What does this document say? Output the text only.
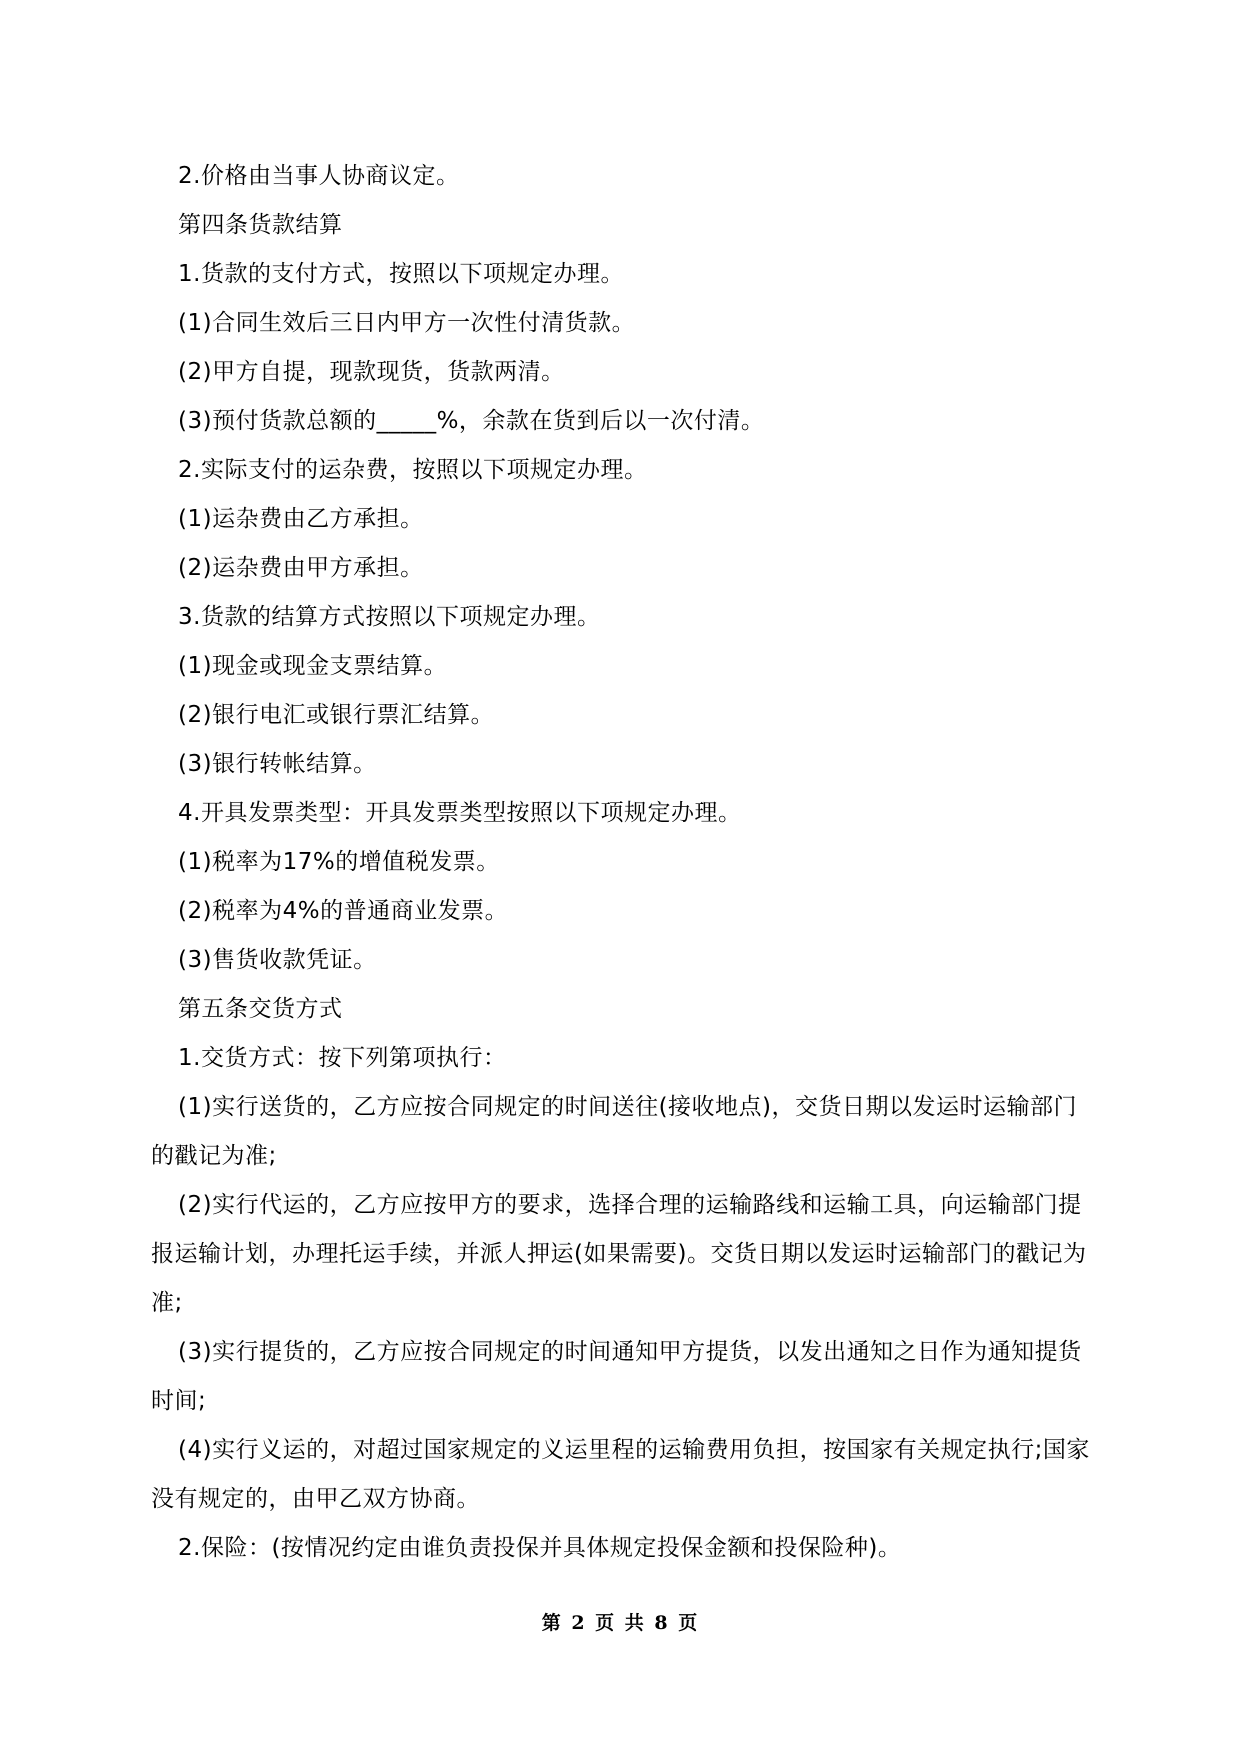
2.价格由当事人协商议定。

第四条货款结算

1.货款的支付方式，按照以下项规定办理。

(1)合同生效后三日内甲方一次性付清货款。

(2)甲方自提，现款现货，货款两清。

(3)预付货款总额的_____%，余款在货到后以一次付清。

2.实际支付的运杂费，按照以下项规定办理。

(1)运杂费由乙方承担。

(2)运杂费由甲方承担。

3.货款的结算方式按照以下项规定办理。

(1)现金或现金支票结算。

(2)银行电汇或银行票汇结算。

(3)银行转帐结算。

4.开具发票类型：开具发票类型按照以下项规定办理。

(1)税率为17%的增值税发票。

(2)税率为4%的普通商业发票。

(3)售货收款凭证。

第五条交货方式

1.交货方式：按下列第项执行：

(1)实行送货的，乙方应按合同规定的时间送往(接收地点)，交货日期以发运时运输部门的戳记为准;

(2)实行代运的，乙方应按甲方的要求，选择合理的运输路线和运输工具，向运输部门提报运输计划，办理托运手续，并派人押运(如果需要)。交货日期以发运时运输部门的戳记为准;

(3)实行提货的，乙方应按合同规定的时间通知甲方提货，以发出通知之日作为通知提货时间;

(4)实行义运的，对超过国家规定的义运里程的运输费用负担，按国家有关规定执行;国家没有规定的，由甲乙双方协商。

2.保险：(按情况约定由谁负责投保并具体规定投保金额和投保险种)。

第 2 页 共 8 页
